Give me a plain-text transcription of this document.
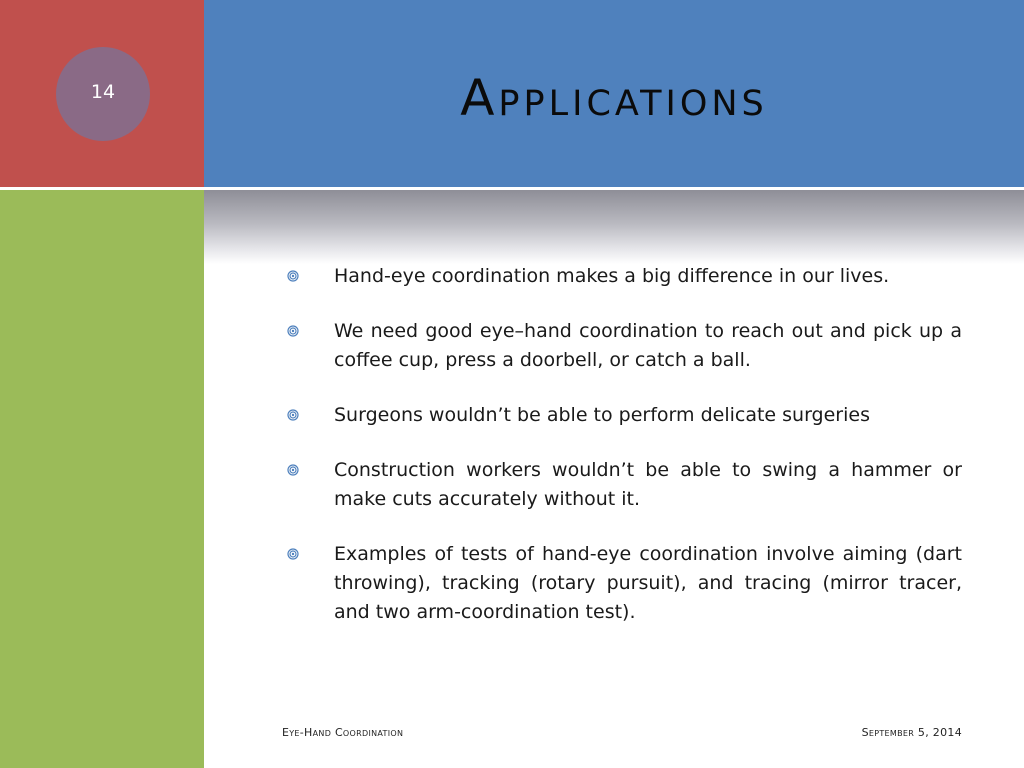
14	Applications
Hand-eye coordination makes a big difference in our lives.
We need good eye–hand coordination to reach out and pick up a coffee cup, press a doorbell, or catch a ball.
Surgeons wouldn’t be able to perform delicate surgeries
Construction workers wouldn’t be able to swing a hammer or make cuts accurately without it.
Examples of tests of hand-eye coordination involve aiming (dart throwing), tracking (rotary pursuit), and tracing (mirror tracer, and two arm-coordination test).
Eye-Hand Coordination	September 5, 2014
